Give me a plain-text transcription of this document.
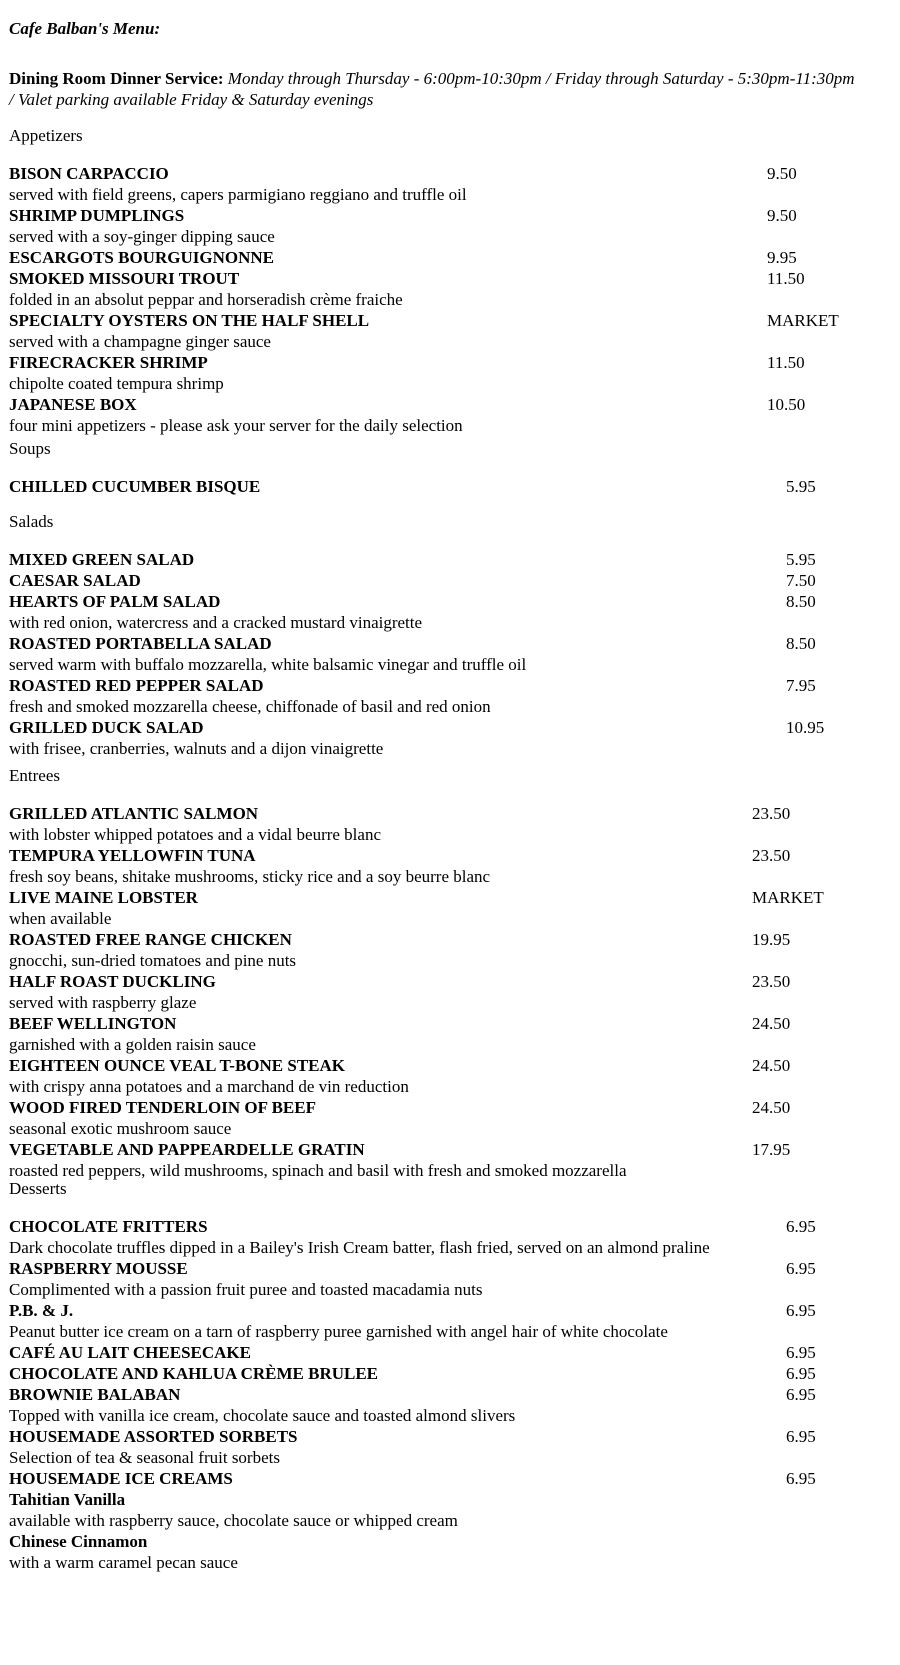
Cafe Balban's Menu:
Dining Room Dinner Service: Monday through Thursday - 6:00pm-10:30pm / Friday through Saturday - 5:30pm-11:30pm
/ Valet parking available Friday & Saturday evenings
Appetizers
BISON CARPACCIO	9.50
served with field greens, capers parmigiano reggiano and truffle oil
SHRIMP DUMPLINGS	9.50
served with a soy-ginger dipping sauce
ESCARGOTS BOURGUIGNONNE	9.95
SMOKED MISSOURI TROUT	11.50
folded in an absolut peppar and horseradish crème fraiche
SPECIALTY OYSTERS ON THE HALF SHELL	MARKET
served with a champagne ginger sauce
FIRECRACKER SHRIMP	11.50
chipolte coated tempura shrimp
JAPANESE BOX	10.50
four mini appetizers - please ask your server for the daily selection
Soups
CHILLED CUCUMBER BISQUE	5.95
Salads
MIXED GREEN SALAD	5.95
CAESAR SALAD	7.50
HEARTS OF PALM SALAD	8.50
with red onion, watercress and a cracked mustard vinaigrette
ROASTED PORTABELLA SALAD	8.50
served warm with buffalo mozzarella, white balsamic vinegar and truffle oil
ROASTED RED PEPPER SALAD	7.95
fresh and smoked mozzarella cheese, chiffonade of basil and red onion
GRILLED DUCK SALAD	10.95
with frisee, cranberries, walnuts and a dijon vinaigrette
Entrees
GRILLED ATLANTIC SALMON	23.50
with lobster whipped potatoes and a vidal beurre blanc
TEMPURA YELLOWFIN TUNA	23.50
fresh soy beans, shitake mushrooms, sticky rice and a soy beurre blanc
LIVE MAINE LOBSTER	MARKET
when available
ROASTED FREE RANGE CHICKEN	19.95
gnocchi, sun-dried tomatoes and pine nuts
HALF ROAST DUCKLING	23.50
served with raspberry glaze
BEEF WELLINGTON	24.50
garnished with a golden raisin sauce
EIGHTEEN OUNCE VEAL T-BONE STEAK	24.50
with crispy anna potatoes and a marchand de vin reduction
WOOD FIRED TENDERLOIN OF BEEF	24.50
seasonal exotic mushroom sauce
VEGETABLE AND PAPPEARDELLE GRATIN	17.95
roasted red peppers, wild mushrooms, spinach and basil with fresh and smoked mozzarella
Desserts
CHOCOLATE FRITTERS	6.95
Dark chocolate truffles dipped in a Bailey's Irish Cream batter, flash fried, served on an almond praline
RASPBERRY MOUSSE	6.95
Complimented with a passion fruit puree and toasted macadamia nuts
P.B. & J.	6.95
Peanut butter ice cream on a tarn of raspberry puree garnished with angel hair of white chocolate
CAFÉ AU LAIT CHEESECAKE	6.95
CHOCOLATE AND KAHLUA CRÈME BRULEE	6.95
BROWNIE BALABAN	6.95
Topped with vanilla ice cream, chocolate sauce and toasted almond slivers
HOUSEMADE ASSORTED SORBETS	6.95
Selection of tea & seasonal fruit sorbets
HOUSEMADE ICE CREAMS	6.95
Tahitian Vanilla
available with raspberry sauce, chocolate sauce or whipped cream
Chinese Cinnamon
with a warm caramel pecan sauce
